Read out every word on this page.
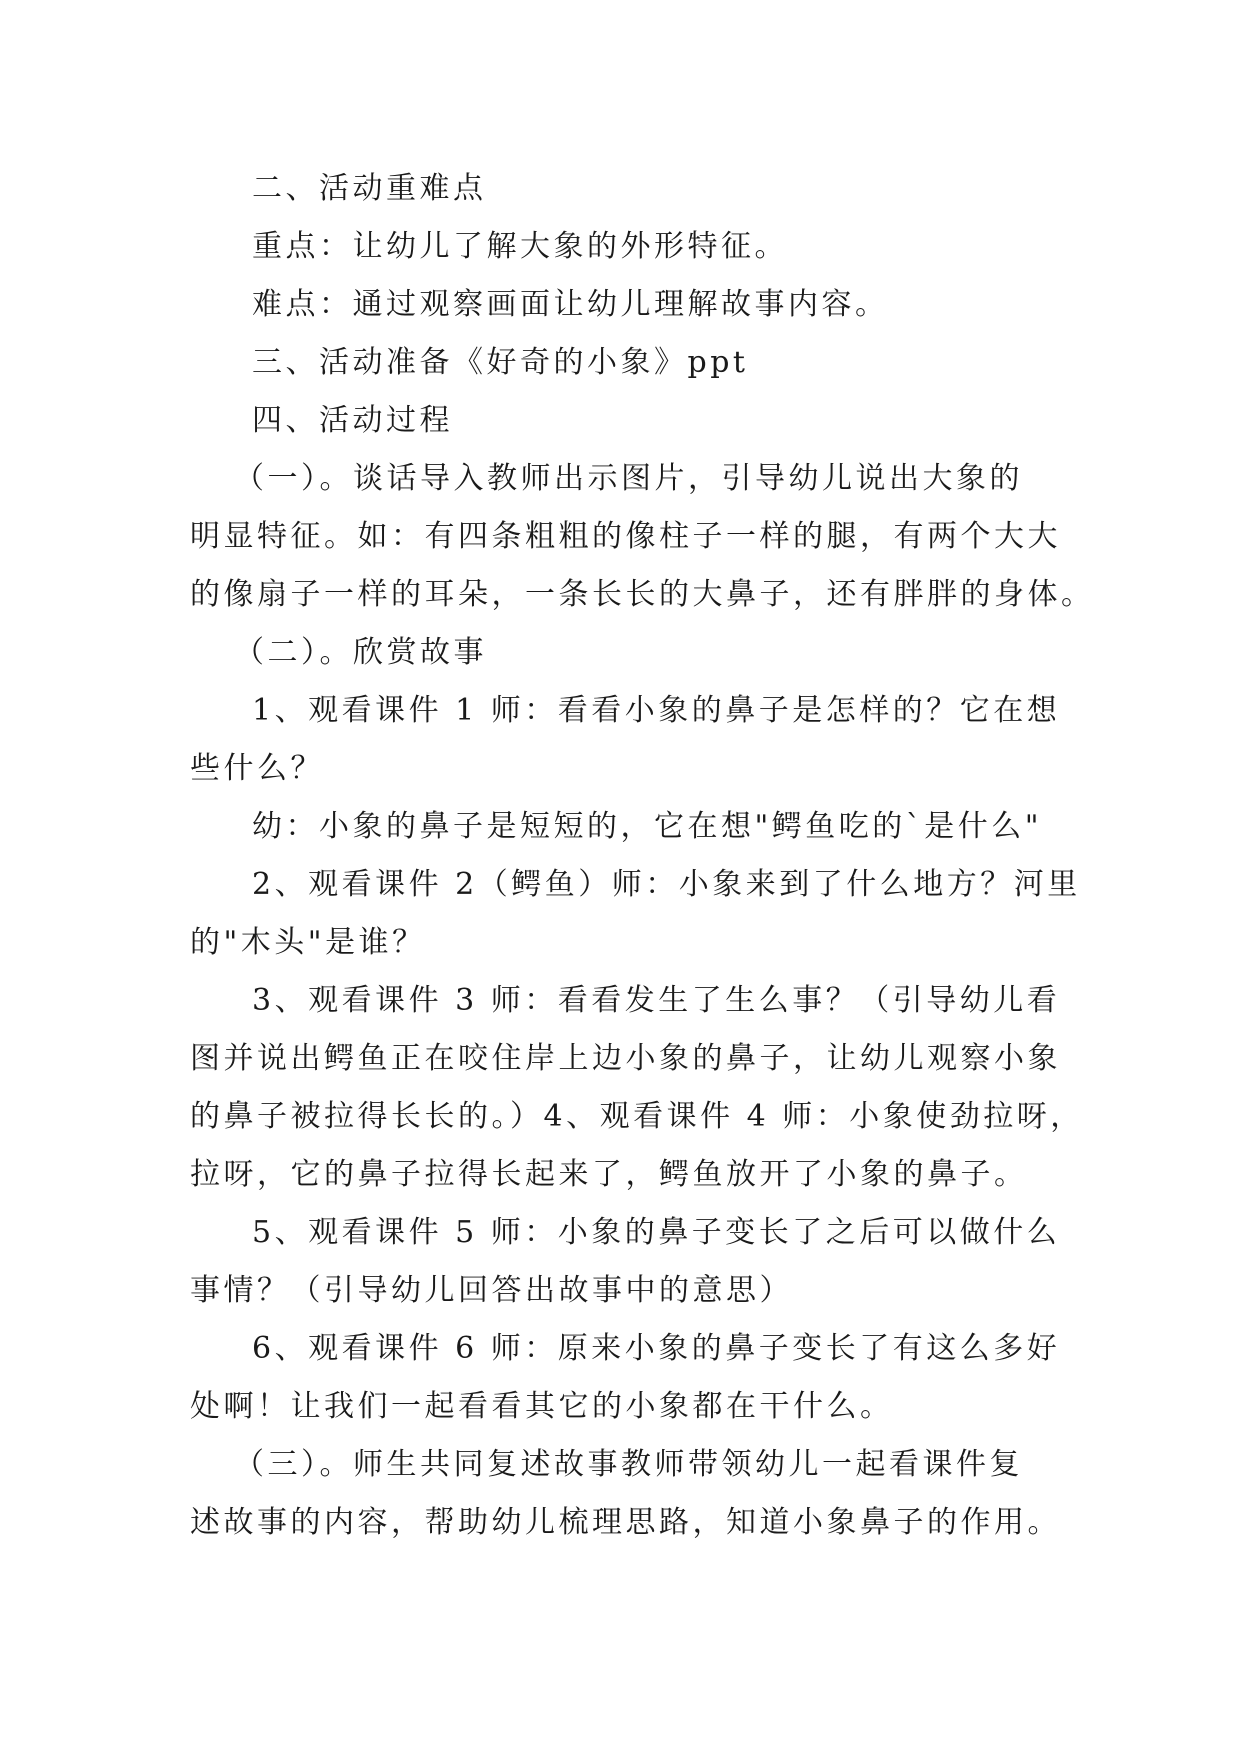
二、活动重难点

重点：让幼儿了解大象的外形特征。

难点：通过观察画面让幼儿理解故事内容。

三、活动准备《好奇的小象》ppt

四、活动过程

（一）。谈话导入教师出示图片，引导幼儿说出大象的

明显特征。如：有四条粗粗的像柱子一样的腿，有两个大大

的像扇子一样的耳朵，一条长长的大鼻子，还有胖胖的身体。

（二）。欣赏故事

1、观看课件 1 师：看看小象的鼻子是怎样的？它在想

些什么？

幼：小象的鼻子是短短的，它在想"鳄鱼吃的`是什么"

2、观看课件 2（鳄鱼）师：小象来到了什么地方？河里

的"木头"是谁？

3、观看课件 3 师：看看发生了生么事？（引导幼儿看

图并说出鳄鱼正在咬住岸上边小象的鼻子，让幼儿观察小象

的鼻子被拉得长长的。）4、观看课件 4 师：小象使劲拉呀，

拉呀，它的鼻子拉得长起来了，鳄鱼放开了小象的鼻子。

5、观看课件 5 师：小象的鼻子变长了之后可以做什么

事情？（引导幼儿回答出故事中的意思）

6、观看课件 6 师：原来小象的鼻子变长了有这么多好

处啊！让我们一起看看其它的小象都在干什么。

（三）。师生共同复述故事教师带领幼儿一起看课件复

述故事的内容，帮助幼儿梳理思路，知道小象鼻子的作用。
